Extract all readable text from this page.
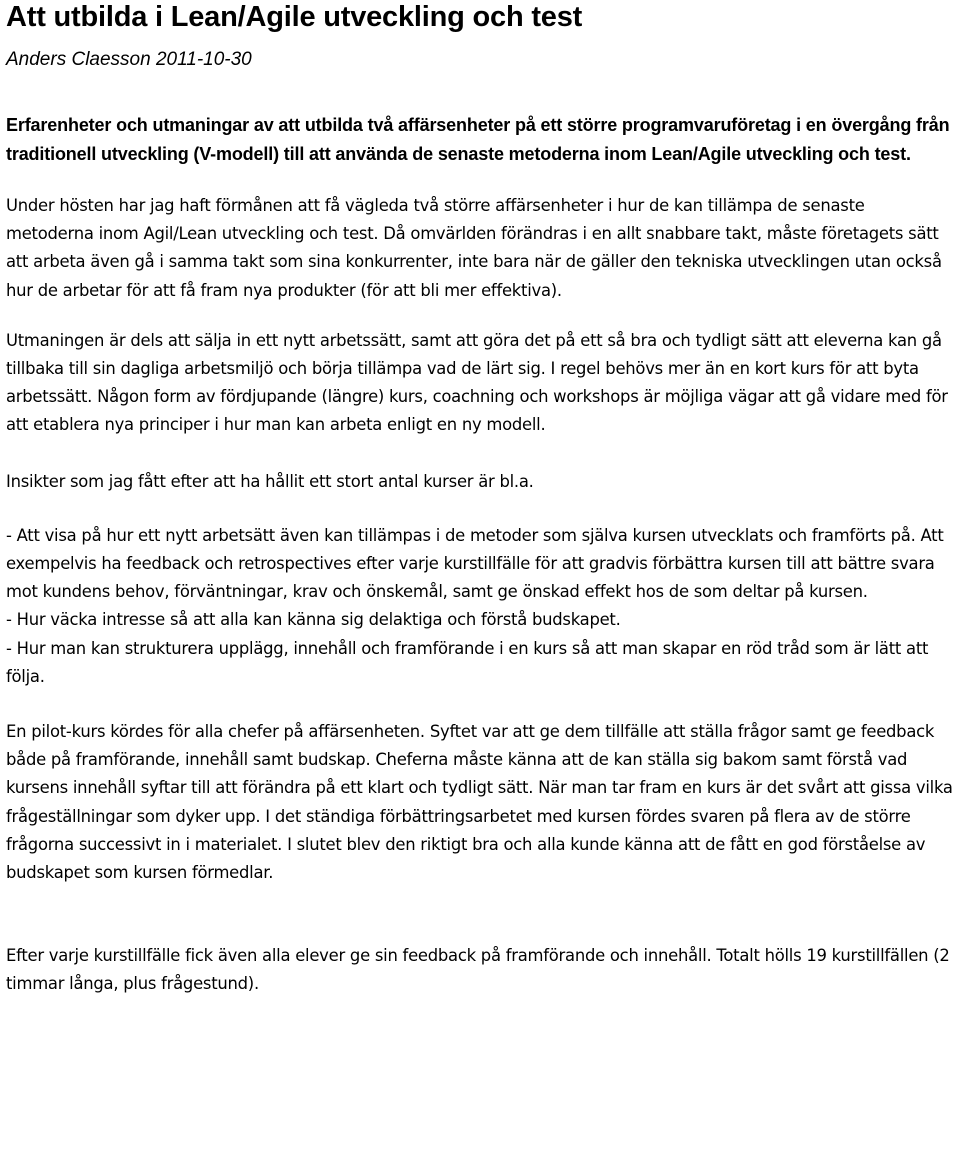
Att utbilda i Lean/Agile utveckling och test

Anders Claesson 2011-10-30

Erfarenheter och utmaningar av att utbilda två affärsenheter på ett större programvaruföretag i en övergång från traditionell utveckling (V-modell) till att använda de senaste metoderna inom Lean/Agile utveckling och test.

Under hösten har jag haft förmånen att få vägleda två större affärsenheter i hur de kan tillämpa de senaste metoderna inom Agil/Lean utveckling och test. Då omvärlden förändras i en allt snabbare takt, måste företagets sätt att arbeta även gå i samma takt som sina konkurrenter, inte bara när de gäller den tekniska utvecklingen utan också hur de arbetar för att få fram nya produkter (för att bli mer effektiva).

Utmaningen är dels att sälja in ett nytt arbetssätt, samt att göra det på ett så bra och tydligt sätt att eleverna kan gå tillbaka till sin dagliga arbetsmiljö och börja tillämpa vad de lärt sig. I regel behövs mer än en kort kurs för att byta arbetssätt. Någon form av fördjupande (längre) kurs, coachning och workshops är möjliga vägar att gå vidare med för att etablera nya principer i hur man kan arbeta enligt en ny modell.

Insikter som jag fått efter att ha hållit ett stort antal kurser är bl.a.

- Att visa på hur ett nytt arbetsätt även kan tillämpas i de metoder som själva kursen utvecklats och framförts på. Att exempelvis ha feedback och retrospectives efter varje kurstillfälle för att gradvis förbättra kursen till att bättre svara mot kundens behov, förväntningar, krav och önskemål, samt ge önskad effekt hos de som deltar på kursen.

- Hur väcka intresse så att alla kan känna sig delaktiga och förstå budskapet.

- Hur man kan strukturera upplägg, innehåll och framförande i en kurs så att man skapar en röd tråd som är lätt att följa.

En pilot-kurs kördes för alla chefer på affärsenheten. Syftet var att ge dem tillfälle att ställa frågor samt ge feedback både på framförande, innehåll samt budskap. Cheferna måste känna att de kan ställa sig bakom samt förstå vad kursens innehåll syftar till att förändra på ett klart och tydligt sätt. När man tar fram en kurs är det svårt att gissa vilka frågeställningar som dyker upp. I det ständiga förbättringsarbetet med kursen fördes svaren på flera av de större frågorna successivt in i materialet. I slutet blev den riktigt bra och alla kunde känna att de fått en god förståelse av budskapet som kursen förmedlar.

Efter varje kurstillfälle fick även alla elever ge sin feedback på framförande och innehåll. Totalt hölls 19 kurstillfällen (2 timmar långa, plus frågestund).
